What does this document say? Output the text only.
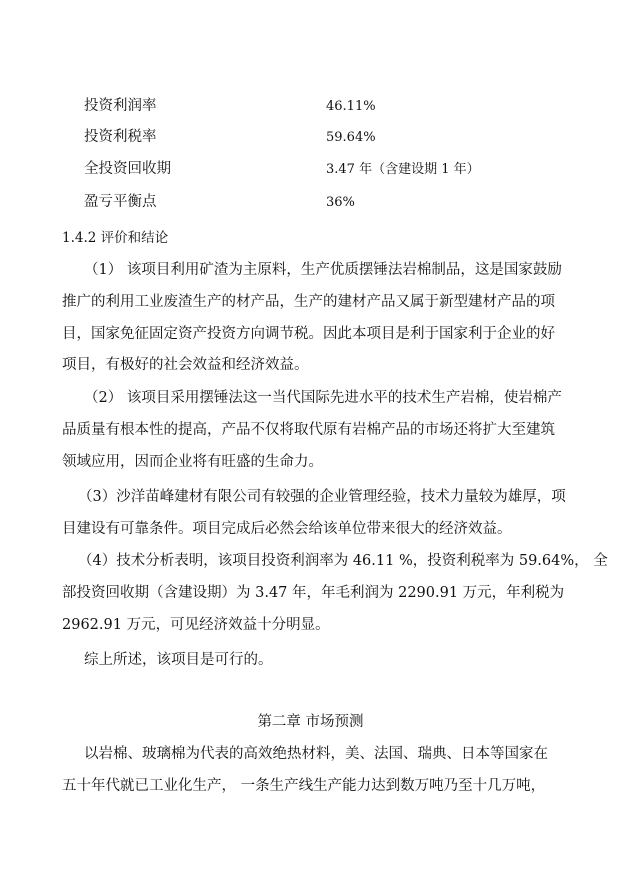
投资利润率	46.11%
投资利税率	59.64%
全投资回收期	3.47 年（含建设期 1 年）
盈亏平衡点	36%
1.4.2 评价和结论
（1） 该项目利用矿渣为主原料，生产优质摆锤法岩棉制品，这是国家鼓励
推广的利用工业废渣生产的材产品，生产的建材产品又属于新型建材产品的项
目，国家免征固定资产投资方向调节税。因此本项目是利于国家利于企业的好
项目，有极好的社会效益和经济效益。
（2） 该项目采用摆锤法这一当代国际先进水平的技术生产岩棉，使岩棉产
品质量有根本性的提高，产品不仅将取代原有岩棉产品的市场还将扩大至建筑
领域应用，因而企业将有旺盛的生命力。
（3）沙洋苗峰建材有限公司有较强的企业管理经验，技术力量较为雄厚，项
目建设有可靠条件。项目完成后必然会给该单位带来很大的经济效益。
（4）技术分析表明，该项目投资利润率为 46.11 %，投资利税率为 59.64%， 全
部投资回收期（含建设期）为 3.47 年，年毛利润为 2290.91 万元，年利税为
2962.91 万元，可见经济效益十分明显。
综上所述，该项目是可行的。
第二章 市场预测
以岩棉、玻璃棉为代表的高效绝热材料，美、法国、瑞典、日本等国家在
五十年代就已工业化生产， 一条生产线生产能力达到数万吨乃至十几万吨，
